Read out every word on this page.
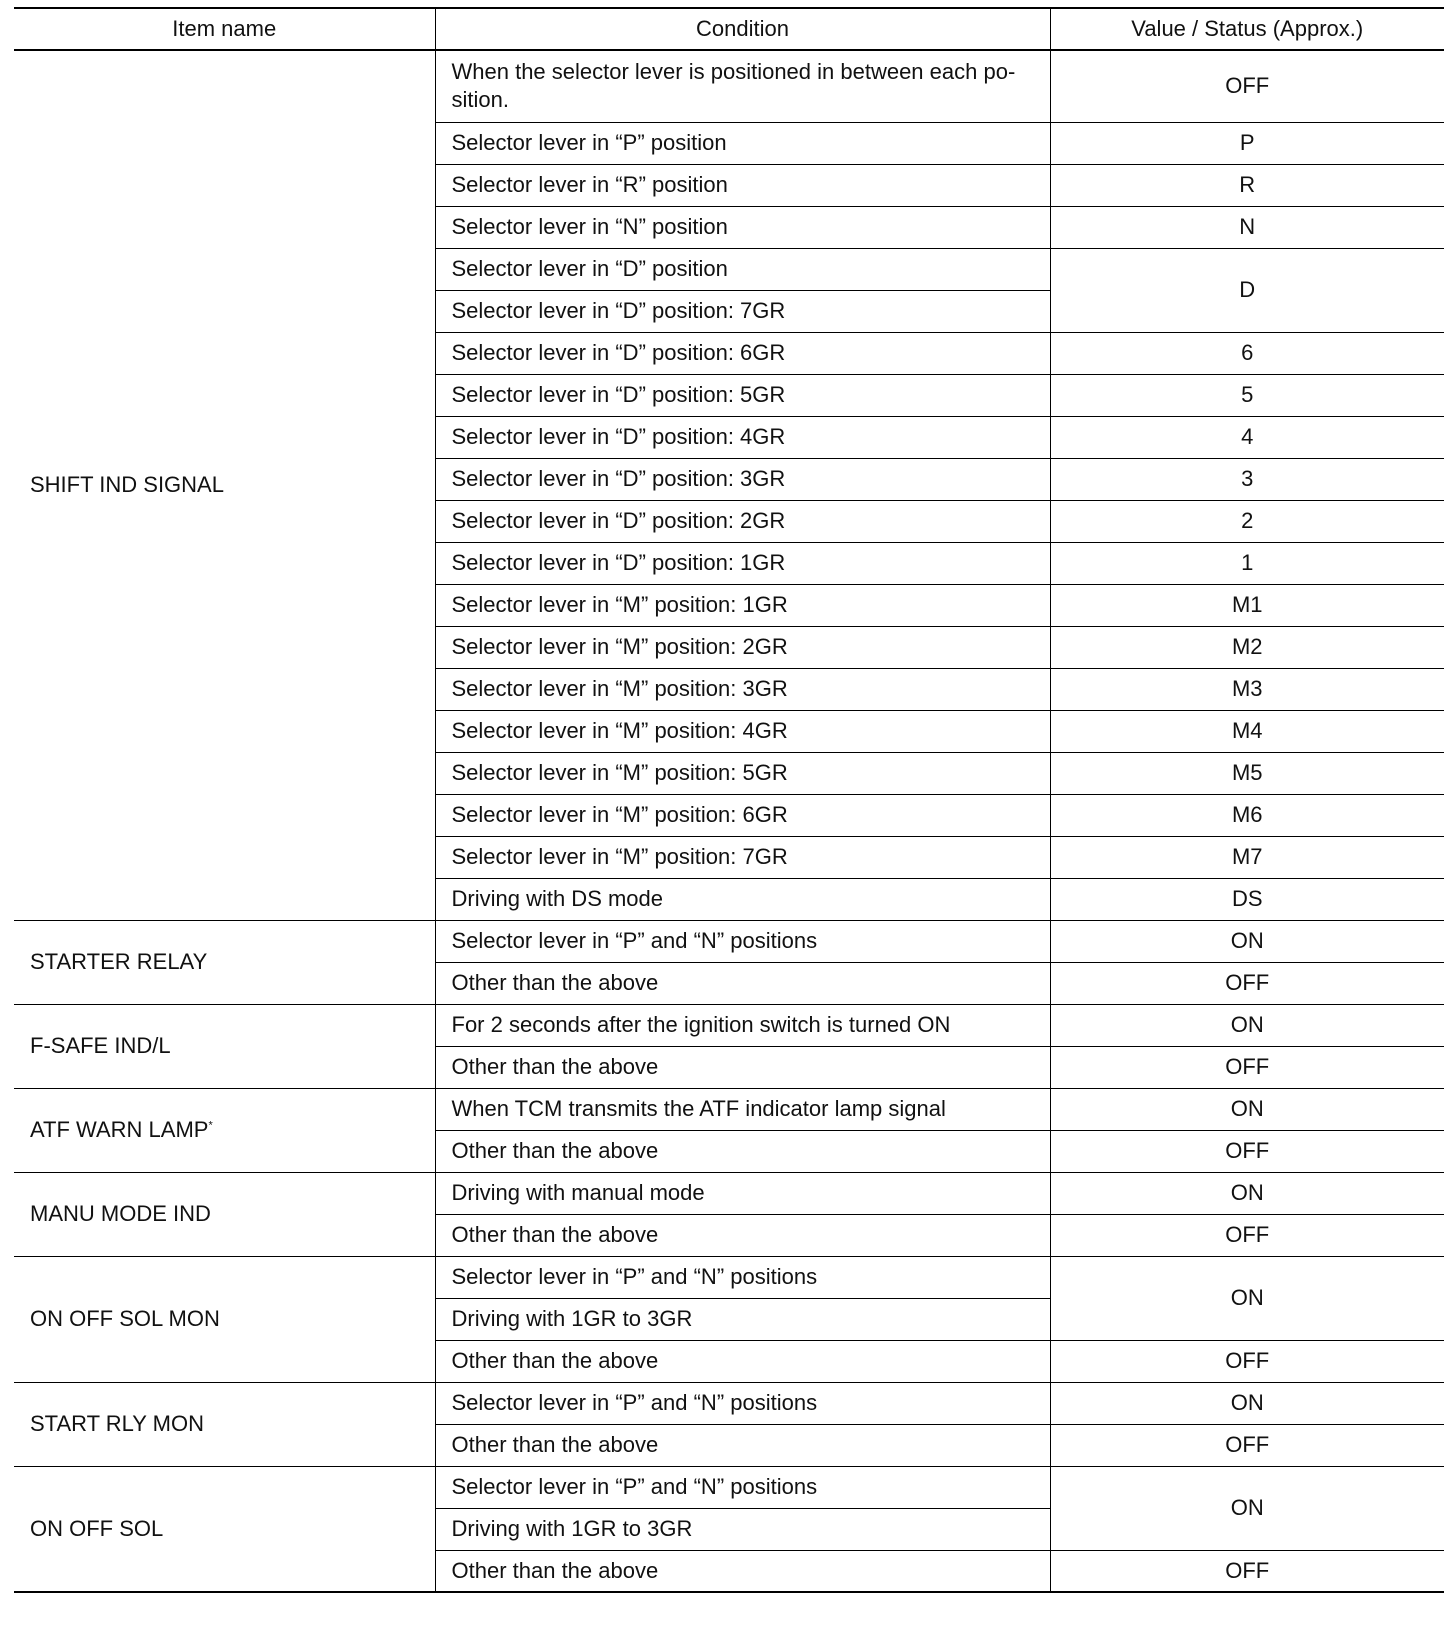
Item name	Condition	Value / Status (Approx.)
SHIFT IND SIGNAL	When the selector lever is positioned in between each po-sition.	OFF
	Selector lever in “P” position	P
	Selector lever in “R” position	R
	Selector lever in “N” position	N
	Selector lever in “D” position	D
	Selector lever in “D” position: 7GR	
	Selector lever in “D” position: 6GR	6
	Selector lever in “D” position: 5GR	5
	Selector lever in “D” position: 4GR	4
	Selector lever in “D” position: 3GR	3
	Selector lever in “D” position: 2GR	2
	Selector lever in “D” position: 1GR	1
	Selector lever in “M” position: 1GR	M1
	Selector lever in “M” position: 2GR	M2
	Selector lever in “M” position: 3GR	M3
	Selector lever in “M” position: 4GR	M4
	Selector lever in “M” position: 5GR	M5
	Selector lever in “M” position: 6GR	M6
	Selector lever in “M” position: 7GR	M7
	Driving with DS mode	DS
STARTER RELAY	Selector lever in “P” and “N” positions	ON
	Other than the above	OFF
F-SAFE IND/L	For 2 seconds after the ignition switch is turned ON	ON
	Other than the above	OFF
ATF WARN LAMP*	When TCM transmits the ATF indicator lamp signal	ON
	Other than the above	OFF
MANU MODE IND	Driving with manual mode	ON
	Other than the above	OFF
ON OFF SOL MON	Selector lever in “P” and “N” positions	ON
	Driving with 1GR to 3GR	
	Other than the above	OFF
START RLY MON	Selector lever in “P” and “N” positions	ON
	Other than the above	OFF
ON OFF SOL	Selector lever in “P” and “N” positions	ON
	Driving with 1GR to 3GR	
	Other than the above	OFF
